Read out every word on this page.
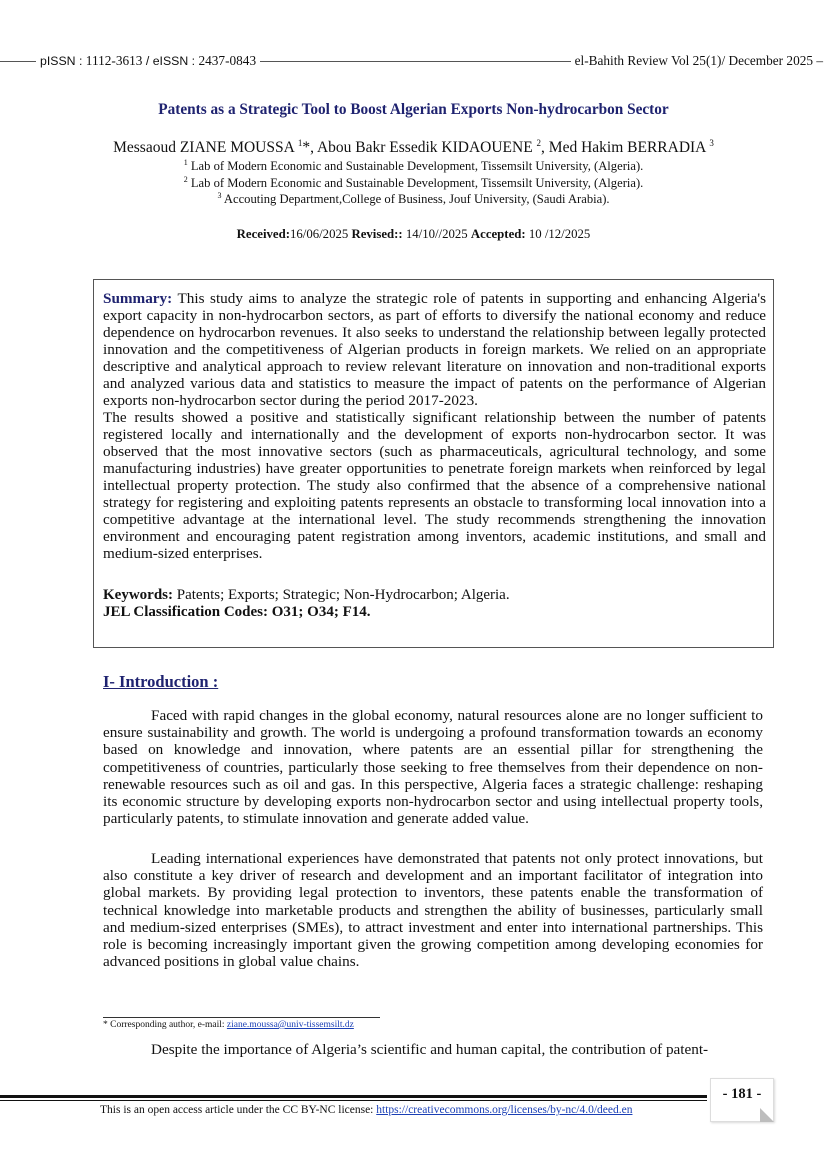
pISSN : 1112-3613 / eISSN : 2437-0843	el-Bahith Review Vol 25(1)/ December 2025 –
Patents as a Strategic Tool to Boost Algerian Exports Non-hydrocarbon Sector
Messaoud ZIANE MOUSSA $^1$*, Abou Bakr Essedik KIDAOUENE $^2$, Med Hakim BERRADIA $^3$
$^1$ Lab of Modern Economic and Sustainable Development, Tissemsilt University, (Algeria).
$^2$ Lab of Modern Economic and Sustainable Development, Tissemsilt University, (Algeria).
$^3$ Accouting Department,College of Business, Jouf University, (Saudi Arabia).
Received:16/06/2025 Revised:: 14/10//2025 Accepted: 10 /12/2025

Summary: This study aims to analyze the strategic role of patents in supporting and enhancing Algeria's export capacity in non-hydrocarbon sectors, as part of efforts to diversify the national economy and reduce dependence on hydrocarbon revenues. It also seeks to understand the relationship between legally protected innovation and the competitiveness of Algerian products in foreign markets. We relied on an appropriate descriptive and analytical approach to review relevant literature on innovation and non-traditional exports and analyzed various data and statistics to measure the impact of patents on the performance of Algerian exports non-hydrocarbon sector during the period 2017-2023.

The results showed a positive and statistically significant relationship between the number of patents registered locally and internationally and the development of exports non-hydrocarbon sector. It was observed that the most innovative sectors (such as pharmaceuticals, agricultural technology, and some manufacturing industries) have greater opportunities to penetrate foreign markets when reinforced by legal intellectual property protection. The study also confirmed that the absence of a comprehensive national strategy for registering and exploiting patents represents an obstacle to transforming local innovation into a competitive advantage at the international level. The study recommends strengthening the innovation environment and encouraging patent registration among inventors, academic institutions, and small and medium-sized enterprises.

Keywords: Patents; Exports; Strategic; Non-Hydrocarbon; Algeria.
JEL Classification Codes: O31; O34; F14.
I- Introduction :

Faced with rapid changes in the global economy, natural resources alone are no longer sufficient to ensure sustainability and growth. The world is undergoing a profound transformation towards an economy based on knowledge and innovation, where patents are an essential pillar for strengthening the competitiveness of countries, particularly those seeking to free themselves from their dependence on non-renewable resources such as oil and gas. In this perspective, Algeria faces a strategic challenge: reshaping its economic structure by developing exports non-hydrocarbon sector and using intellectual property tools, particularly patents, to stimulate innovation and generate added value.

Leading international experiences have demonstrated that patents not only protect innovations, but also constitute a key driver of research and development and an important facilitator of integration into global markets. By providing legal protection to inventors, these patents enable the transformation of technical knowledge into marketable products and strengthen the ability of businesses, particularly small and medium-sized enterprises (SMEs), to attract investment and enter into international partnerships. This role is becoming increasingly important given the growing competition among developing economies for advanced positions in global value chains.

* Corresponding author, e-mail: ziane.moussa@univ-tissemsilt.dz
Despite the importance of Algeria’s scientific and human capital, the contribution of patent-
This is an open access article under the CC BY-NC license: https://creativecommons.org/licenses/by-nc/4.0/deed.en
- 181 -
